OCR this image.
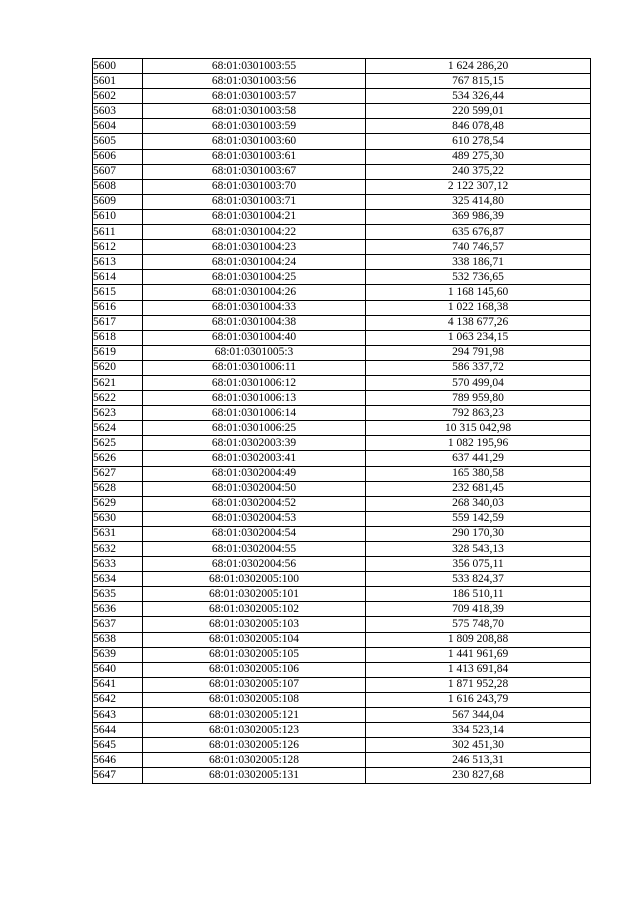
5600	68:01:0301003:55	1 624 286,20
5601	68:01:0301003:56	767 815,15
5602	68:01:0301003:57	534 326,44
5603	68:01:0301003:58	220 599,01
5604	68:01:0301003:59	846 078,48
5605	68:01:0301003:60	610 278,54
5606	68:01:0301003:61	489 275,30
5607	68:01:0301003:67	240 375,22
5608	68:01:0301003:70	2 122 307,12
5609	68:01:0301003:71	325 414,80
5610	68:01:0301004:21	369 986,39
5611	68:01:0301004:22	635 676,87
5612	68:01:0301004:23	740 746,57
5613	68:01:0301004:24	338 186,71
5614	68:01:0301004:25	532 736,65
5615	68:01:0301004:26	1 168 145,60
5616	68:01:0301004:33	1 022 168,38
5617	68:01:0301004:38	4 138 677,26
5618	68:01:0301004:40	1 063 234,15
5619	68:01:0301005:3	294 791,98
5620	68:01:0301006:11	586 337,72
5621	68:01:0301006:12	570 499,04
5622	68:01:0301006:13	789 959,80
5623	68:01:0301006:14	792 863,23
5624	68:01:0301006:25	10 315 042,98
5625	68:01:0302003:39	1 082 195,96
5626	68:01:0302003:41	637 441,29
5627	68:01:0302004:49	165 380,58
5628	68:01:0302004:50	232 681,45
5629	68:01:0302004:52	268 340,03
5630	68:01:0302004:53	559 142,59
5631	68:01:0302004:54	290 170,30
5632	68:01:0302004:55	328 543,13
5633	68:01:0302004:56	356 075,11
5634	68:01:0302005:100	533 824,37
5635	68:01:0302005:101	186 510,11
5636	68:01:0302005:102	709 418,39
5637	68:01:0302005:103	575 748,70
5638	68:01:0302005:104	1 809 208,88
5639	68:01:0302005:105	1 441 961,69
5640	68:01:0302005:106	1 413 691,84
5641	68:01:0302005:107	1 871 952,28
5642	68:01:0302005:108	1 616 243,79
5643	68:01:0302005:121	567 344,04
5644	68:01:0302005:123	334 523,14
5645	68:01:0302005:126	302 451,30
5646	68:01:0302005:128	246 513,31
5647	68:01:0302005:131	230 827,68
